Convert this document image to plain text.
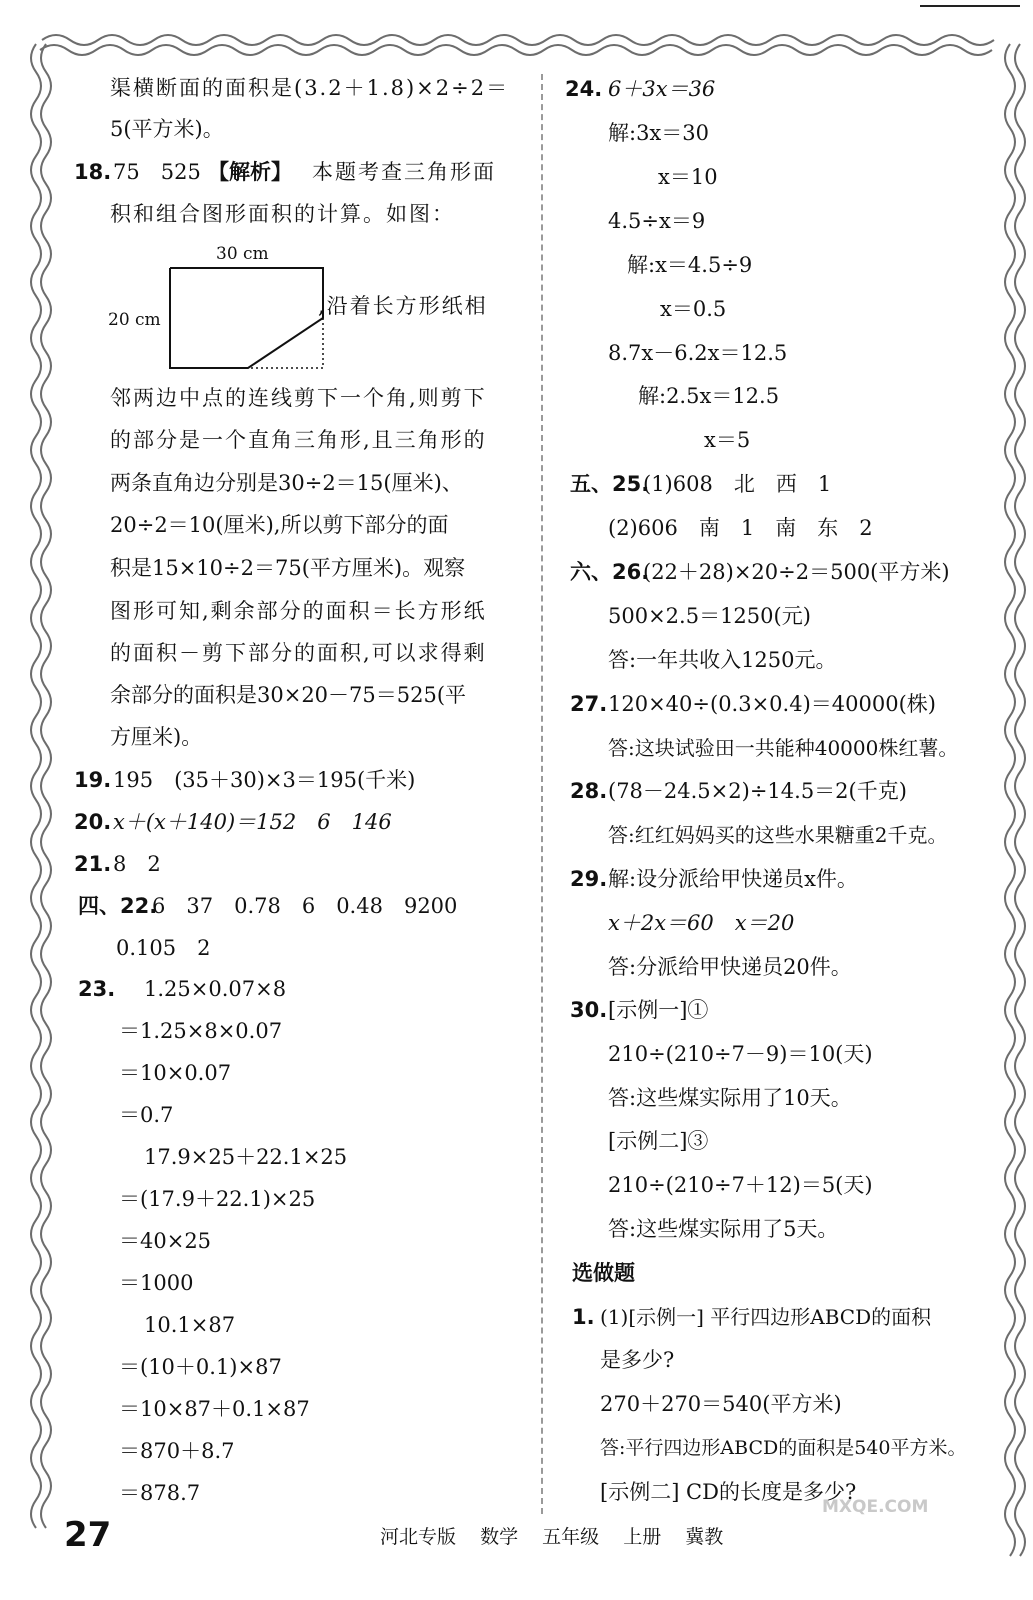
渠横断面的面积是(3.2＋1.8)×2÷2＝
5(平方米)。
18. 75　525 【解析】 本题考查三角形面
积和组合图形面积的计算。如图：
30 cm
20 cm
,沿着长方形纸相
邻两边中点的连线剪下一个角,则剪下
的部分是一个直角三角形,且三角形的
两条直角边分别是30÷2＝15(厘米)、
20÷2＝10(厘米),所以剪下部分的面
积是15×10÷2＝75(平方厘米)。观察
图形可知,剩余部分的面积＝长方形纸
的面积－剪下部分的面积,可以求得剩
余部分的面积是30×20－75＝525(平
方厘米)。
19. 195　(35＋30)×3＝195(千米)
20. x＋(x＋140)＝152　6　146
21. 8　2
四、22.
6　37　0.78　6　0.48　9200
0.105　2
23. 1.25×0.07×8
＝1.25×8×0.07
＝10×0.07
＝0.7
17.9×25＋22.1×25
＝(17.9＋22.1)×25
＝40×25
＝1000
10.1×87
＝(10＋0.1)×87
＝10×87＋0.1×87
＝870＋8.7
＝878.7
24. 6＋3x＝36
解:3x＝30
x＝10
4.5÷x＝9
解:x＝4.5÷9
x＝0.5
8.7x－6.2x＝12.5
解:2.5x＝12.5
x＝5
五、25.
(1)608　北　西　1
(2)606　南　1　南　东　2
六、26.
(22＋28)×20÷2＝500(平方米)
500×2.5＝1250(元)
答:一年共收入1250元。
27. 120×40÷(0.3×0.4)＝40000(株)
答:这块试验田一共能种40000株红薯。
28. (78－24.5×2)÷14.5＝2(千克)
答:红红妈妈买的这些水果糖重2千克。
29. 解:设分派给甲快递员x件。
x＋2x＝60　x＝20
答:分派给甲快递员20件。
30. [示例一]①
210÷(210÷7－9)＝10(天)
答:这些煤实际用了10天。
[示例二]③
210÷(210÷7＋12)＝5(天)
答:这些煤实际用了5天。
选做题
1. (1)[示例一] 平行四边形ABCD的面积
是多少?
270＋270＝540(平方米)
答:平行四边形ABCD的面积是540平方米。
[示例二] CD的长度是多少?
27	河北专版 数学 五年级 上册 冀教
MXQE.COM
